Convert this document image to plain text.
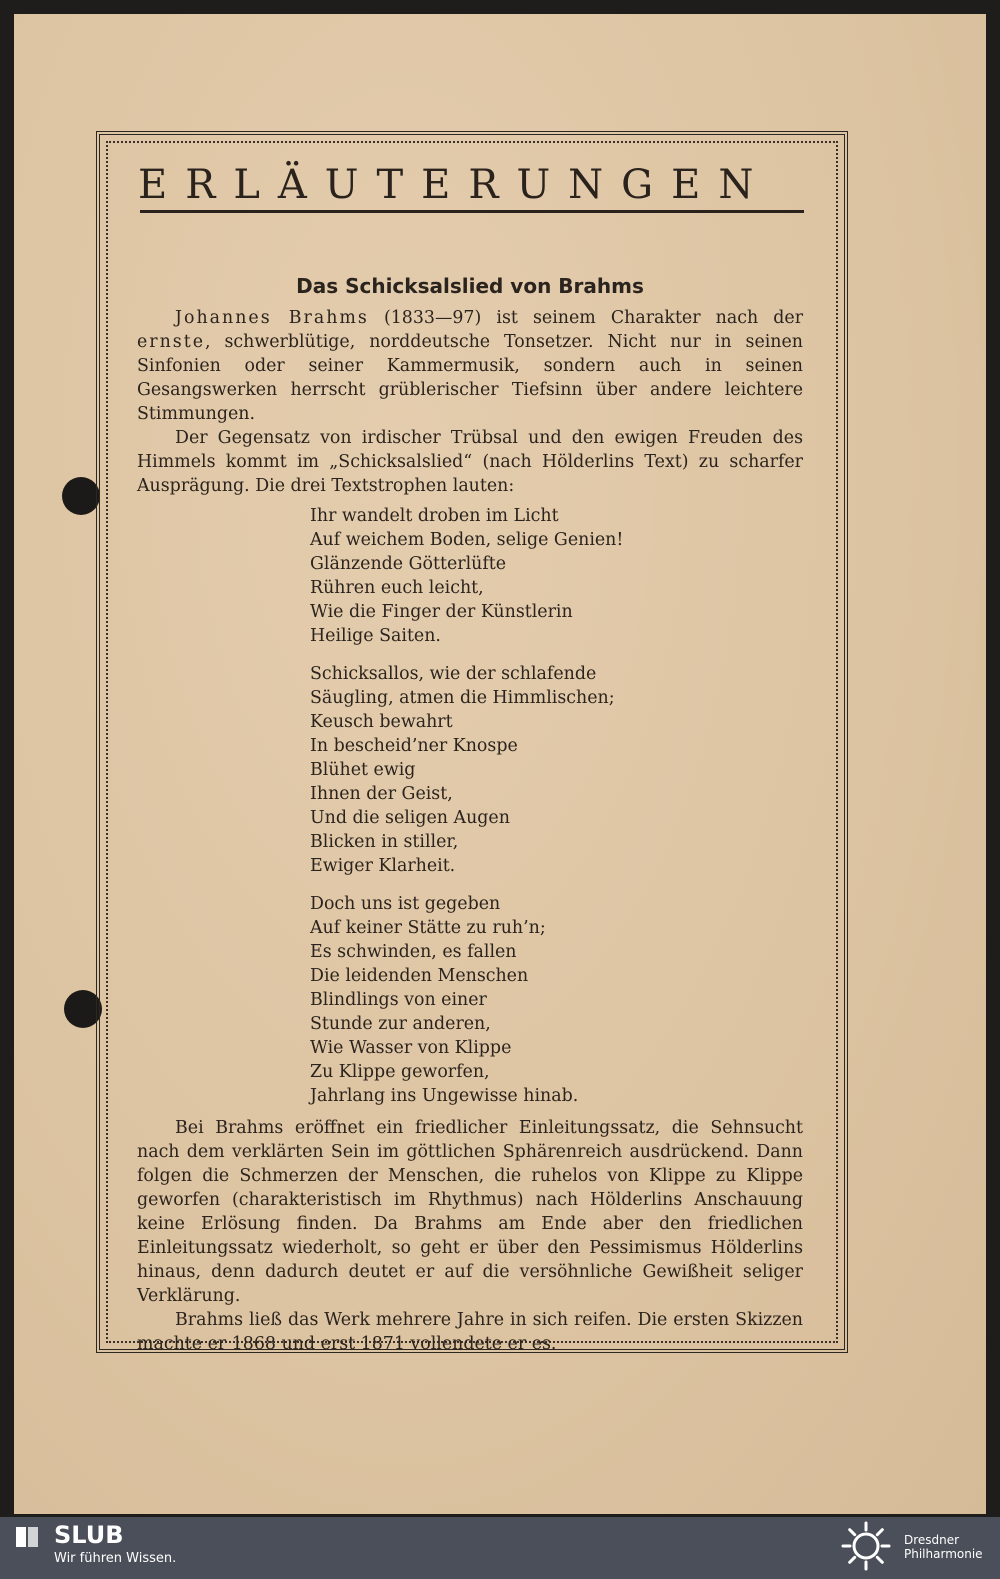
ERLÄUTERUNGEN
Das Schicksalslied von Brahms

Johannes Brahms (1833—97) ist seinem Charakter nach der ernste, schwerblütige, norddeutsche Tonsetzer. Nicht nur in seinen Sinfonien oder seiner Kammermusik, sondern auch in seinen Gesangswerken herrscht grüblerischer Tiefsinn über andere leichtere Stimmungen.

Der Gegensatz von irdischer Trübsal und den ewigen Freuden des Himmels kommt im „Schicksalslied“ (nach Hölderlins Text) zu scharfer Ausprägung. Die drei Textstrophen lauten:

Ihr wandelt droben im Licht
Auf weichem Boden, selige Genien!
Glänzende Götterlüfte
Rühren euch leicht,
Wie die Finger der Künstlerin
Heilige Saiten.
Schicksallos, wie der schlafende
Säugling, atmen die Himmlischen;
Keusch bewahrt
In bescheid’ner Knospe
Blühet ewig
Ihnen der Geist,
Und die seligen Augen
Blicken in stiller,
Ewiger Klarheit.
Doch uns ist gegeben
Auf keiner Stätte zu ruh’n;
Es schwinden, es fallen
Die leidenden Menschen
Blindlings von einer
Stunde zur anderen,
Wie Wasser von Klippe
Zu Klippe geworfen,
Jahrlang ins Ungewisse hinab.

Bei Brahms eröffnet ein friedlicher Einleitungssatz, die Sehnsucht nach dem verklärten Sein im göttlichen Sphärenreich ausdrückend. Dann folgen die Schmerzen der Menschen, die ruhelos von Klippe zu Klippe geworfen (charakteristisch im Rhythmus) nach Hölderlins Anschauung keine Erlösung finden. Da Brahms am Ende aber den friedlichen Einleitungssatz wiederholt, so geht er über den Pessimismus Hölderlins hinaus, denn dadurch deutet er auf die versöhnliche Gewißheit seliger Verklärung.

Brahms ließ das Werk mehrere Jahre in sich reifen. Die ersten Skizzen machte er 1868 und erst 1871 vollendete er es.

SLUB
Wir führen Wissen.
Dresdner
Philharmonie
